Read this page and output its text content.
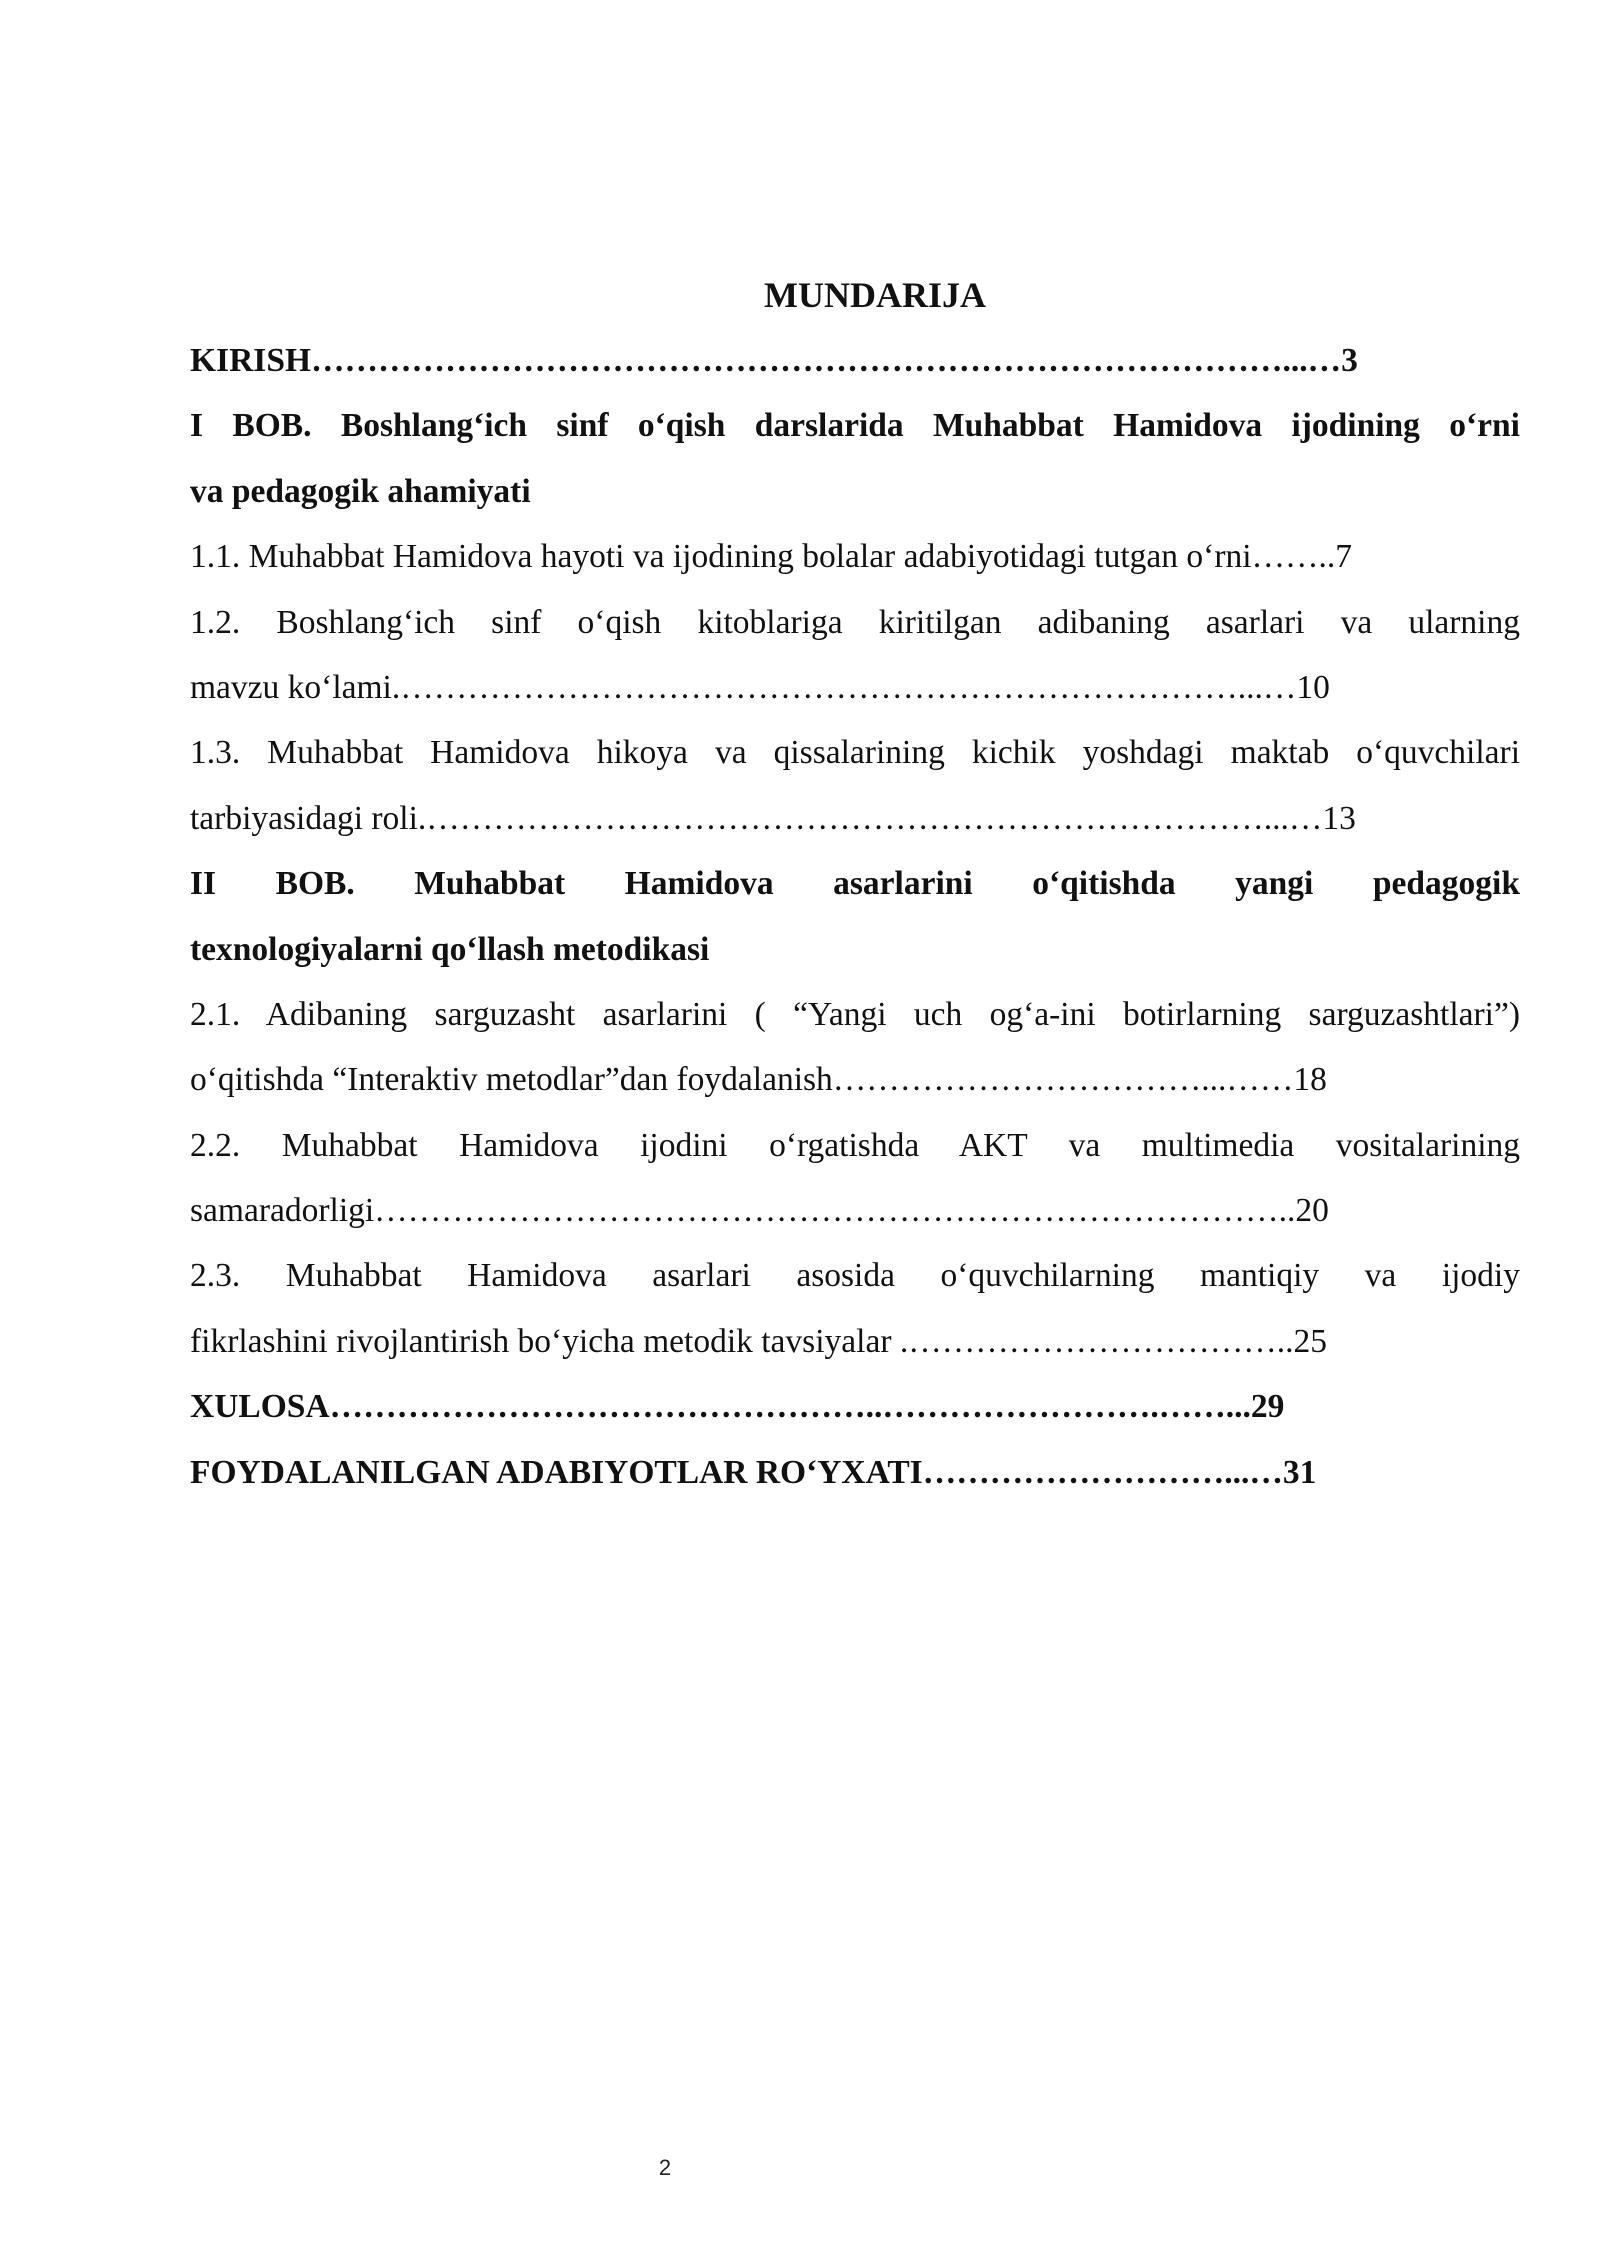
MUNDARIJA
KIRISH……………………………………………………………………………...…3
I BOB. Boshlang‘ich sinf o‘qish darslarida Muhabbat Hamidova ijodining o‘rni
va pedagogik ahamiyati
1.1. Muhabbat Hamidova hayoti va ijodining bolalar adabiyotidagi tutgan o‘rni……..7
1.2. Boshlang‘ich sinf o‘qish kitoblariga kiritilgan adibaning asarlari va ularning
mavzu ko‘lami.…………………………………………………………………...…10
1.3. Muhabbat Hamidova hikoya va qissalarining kichik yoshdagi maktab o‘quvchilari
tarbiyasidagi roli.…………………………………………………………………...…13
II BOB. Muhabbat Hamidova asarlarini o‘qitishda yangi pedagogik
texnologiyalarni qo‘llash metodikasi
2.1. Adibaning sarguzasht asarlarini ( “Yangi uch og‘a-ini botirlarning sarguzashtlari”)
o‘qitishda “Interaktiv metodlar”dan foydalanish……………………………...……18
2.2. Muhabbat Hamidova ijodini o‘rgatishda AKT va multimedia vositalarining
samaradorligi………………………………………………………………………..20
2.3. Muhabbat Hamidova asarlari asosida o‘quvchilarning mantiqiy va ijodiy
fikrlashini rivojlantirish bo‘yicha metodik tavsiyalar .……………………………..25
XULOSA…………………………………………..…………………….……...29
FOYDALANILGAN ADABIYOTLAR RO‘YXATI………………………...…31
2
